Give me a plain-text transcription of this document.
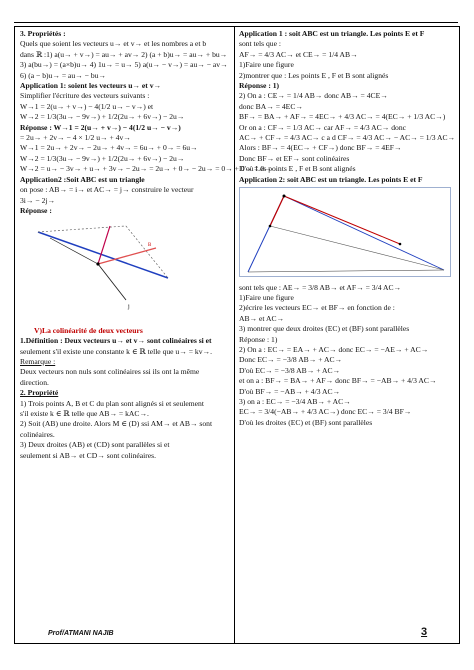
3. Propriétés :
Quels que soient les vecteurs u→ et v→ et les nombres a et b
dans ℝ :1) a(u→ + v→) = au→ + av→ 2) (a + b)u→ = au→ + bu→
3) a(bu→) = (a×b)u→ 4) 1u→ = u→ 5) a(u→ − v→) = au→ − av→
6) (a − b)u→ = au→ − bu→
Application 1: soient les vecteurs u→ et v→
Simplifier l'écriture des vecteurs suivants :
W→1 = 2(u→ + v→) − 4(1/2 u→ − v→) et
W→2 = 1/3(3u→ − 9v→) + 1/2(2u→ + 6v→) − 2u→
Réponse : W→1 = 2(u→ + v→) − 4(1/2 u→ − v→)
= 2u→ + 2v→ − 4 × 1/2 u→ + 4v→
W→1 = 2u→ + 2v→ − 2u→ + 4v→ = 6u→ + 0→ = 6u→
W→2 = 1/3(3u→ − 9v→) + 1/2(2u→ + 6v→) − 2u→
W→2 = u→ − 3v→ + u→ + 3v→ − 2u→ = 2u→ + 0→ − 2u→ = 0→ + 0→ = 0→
Application2 :Soit ABC est un triangle
on pose : AB→ = i→ et AC→ = j→ construire le vecteur
3i→ − 2j→
Réponse :
j
B
V)La colinéarité de deux vecteurs
1.Définition : Deux vecteurs u→ et v→ sont colinéaires si et
seulement s'il existe une constante k ∈ ℝ telle que u→ = kv→.
Remarque :
Deux vecteurs non nuls sont colinéaires ssi ils ont la même
direction.
2. Propriété
1) Trois points A, B et C du plan sont alignés si et seulement
s'il existe k ∈ ℝ telle que AB→ = kAC→.
2) Soit (AB) une droite. Alors M ∈ (D) ssi AM→ et AB→ sont
colinéaires.
3) Deux droites (AB) et (CD) sont parallèles si et
seulement si AB→ et CD→ sont colinéaires.
Application 1 : soit ABC est un triangle. Les points E et F
sont tels que :
AF→ = 4/3 AC→ et CE→ = 1/4 AB→
1)Faire une figure
2)montrer que : Les points E , F et B sont alignés
Réponse : 1)
2) On a : CE→ = 1/4 AB→ donc AB→ = 4CE→
donc BA→ = 4EC→
BF→ = BA→ + AF→ = 4EC→ + 4/3 AC→ = 4(EC→ + 1/3 AC→)
Or on a : CF→ = 1/3 AC→ car AF→ = 4/3 AC→ donc
AC→ + CF→ = 4/3 AC→ c a d CF→ = 4/3 AC→ − AC→ = 1/3 AC→
Alors : BF→ = 4(EC→ + CF→) donc BF→ = 4EF→
Donc BF→ et EF→ sont colinéaires
D'où Les points E , F et B sont alignés
Application 2: soit ABC est un triangle. Les points E et F
sont tels que : AE→ = 3/8 AB→ et AF→ = 3/4 AC→
1)Faire une figure
2)écrire les vecteurs EC→ et BF→ en fonction de :
AB→ et AC→
3) montrer que deux droites (EC) et (BF) sont parallèles
Réponse : 1)
2) On a : EC→ = EA→ + AC→ donc EC→ = −AE→ + AC→
Donc EC→ = −3/8 AB→ + AC→
D'où EC→ = −3/8 AB→ + AC→
et on a : BF→ = BA→ + AF→ donc BF→ = −AB→ + 4/3 AC→
D'où BF→ = −AB→ + 4/3 AC→
3) on a : EC→ = −3/4 AB→ + AC→
EC→ = 3/4(−AB→ + 4/3 AC→) donc EC→ = 3/4 BF→
D'où les droites (EC) et (BF) sont parallèles
Prof/ATMANI NAJIB	3
